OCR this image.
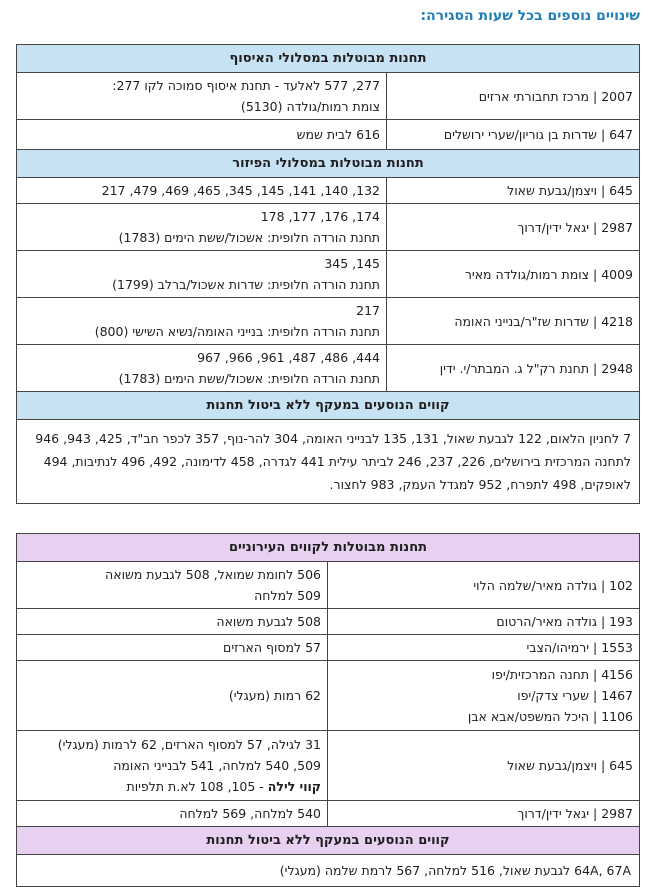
שינויים נוספים בכל שעות הסגירה:
תחנות מבוטלות במסלולי האיסוף	
2007 | מרכז תחבורתי ארזים	277, 577 לאלעד - תחנת איסוף סמוכה לקו 277:
צומת רמות/גולדה (5130)

647 | שדרות בן גוריון/שערי ירושלים	616 לבית שמש

תחנות מבוטלות במסלולי הפיזור	
645 | ויצמן/גבעת שאול	132, 140, 141, 145, 345, 465, 469, 479, 217

2987 | יגאל ידין/דרוך	174, 176, 177, 178
תחנת הורדה חלופית: אשכול/ששת הימים (1783)

4009 | צומת רמות/גולדה מאיר	145, 345
תחנת הורדה חלופית: שדרות אשכול/ברלב (1799)

4218 | שדרות שז"ר/בנייני האומה	217
תחנת הורדה חלופית: בנייני האומה/נשיא השישי (800)

2948 | תחנת רק"ל ג. המבתר/י. ידין	444, 486, 487, 961, 966, 967
תחנת הורדה חלופית: אשכול/ששת הימים (1783)

קווים הנוסעים במעקף ללא ביטול תחנות	
7 לחניון הלאום, 122 לגבעת שאול, 131, 135 לבנייני האומה, 304 להר-נוף, 357 לכפר חב"ד, 425, 943, 946 לתחנה המרכזית בירושלים, 226, 237, 246 לביתר עילית 441 לגדרה, 458 לדימונה, 492, 496 לנתיבות, 494 לאופקים, 498 לתפרח, 952 למגדל העמק, 983 לחצור.	
תחנות מבוטלות לקווים העירוניים	

102 | גולדה מאיר/שלמה הלוי	506 לחומת שמואל, 508 לגבעת משואה
509 למלחה

193 | גולדה מאיר/הרטום	508 לגבעת משואה

1553 | ירמיהו/הצבי	57 למסוף הארזים

4156 | תחנה המרכזית/יפו
1467 | שערי צדק/יפו
1106 | היכל המשפט/אבא אבן	62 רמות (מעגלי)

645 | ויצמן/גבעת שאול	31 לגילה, 57 למסוף הארזים, 62 לרמות (מעגלי)
509, 540 למלחה, 541 לבנייני האומה
קווי לילה - 105, 108 לא.ת תלפיות

2987 | יגאל ידין/דרוך	540 למלחה, 569 למלחה

קווים הנוסעים במעקף ללא ביטול תחנות	
64A, 67A לגבעת שאול, 516 למלחה, 567 לרמת שלמה (מעגלי)	
